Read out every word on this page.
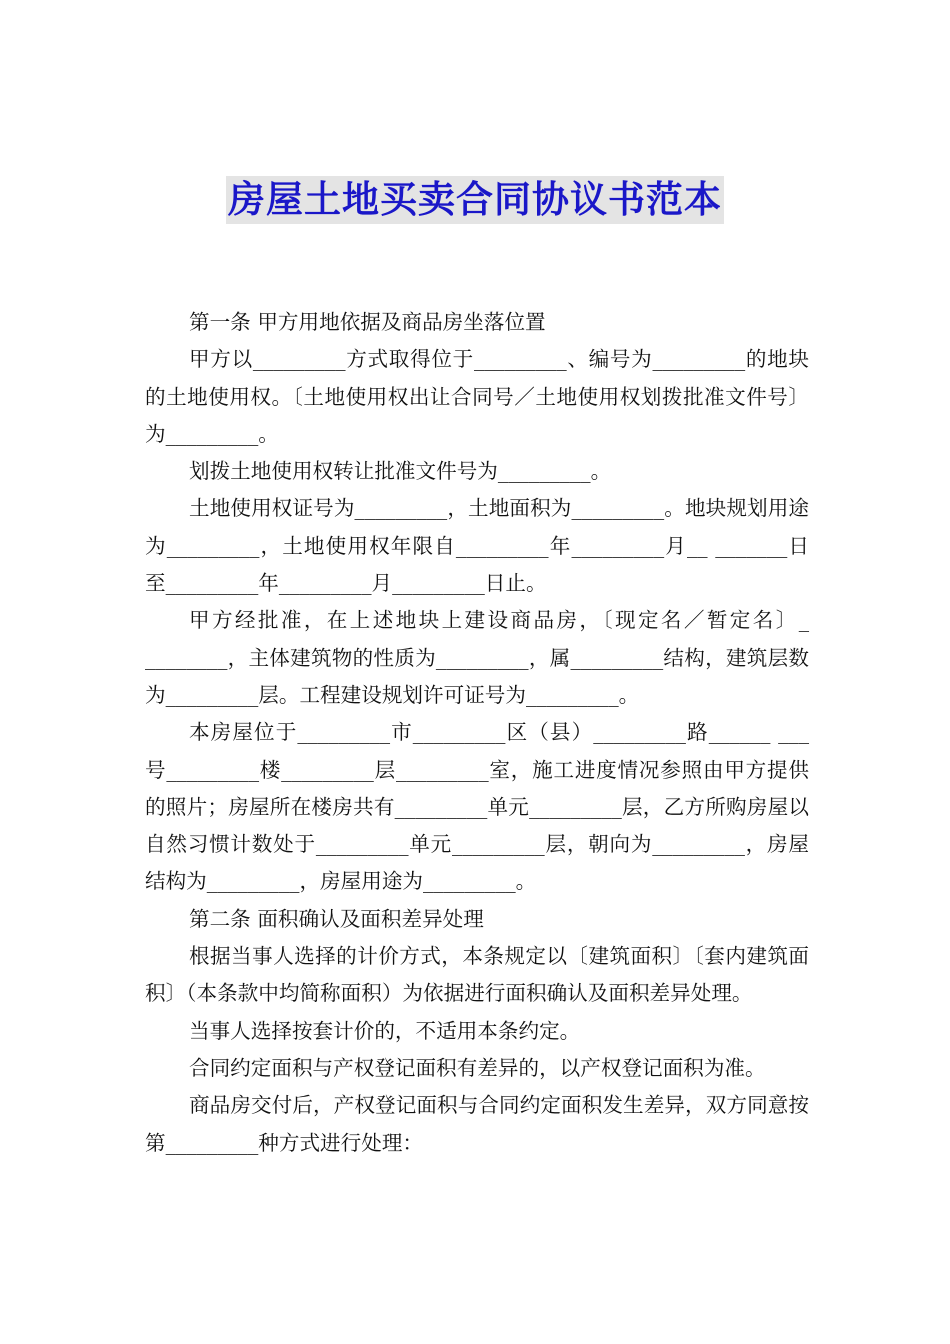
房屋土地买卖合同协议书范本

第一条 甲方用地依据及商品房坐落位置

甲方以_________方式取得位于_________、编号为_________的地块的土地使用权。〔土地使用权出让合同号／土地使用权划拨批准文件号〕为_________。

划拨土地使用权转让批准文件号为_________。

土地使用权证号为_________，土地面积为_________。地块规划用途为_________，土地使用权年限自_________年_________月__ _______日至_________年_________月_________日止。

甲方经批准，在上述地块上建设商品房，〔现定名／暂定名〕_ ________，主体建筑物的性质为_________，属_________结构，建筑层数为_________层。工程建设规划许可证号为_________。

本房屋位于_________市_________区（县）_________路______ ___号_________楼_________层_________室，施工进度情况参照由甲方提供的照片；房屋所在楼房共有_________单元_________层，乙方所购房屋以自然习惯计数处于_________单元_________层，朝向为_________，房屋结构为_________，房屋用途为_________。

第二条 面积确认及面积差异处理

根据当事人选择的计价方式，本条规定以〔建筑面积〕〔套内建筑面积〕（本条款中均简称面积）为依据进行面积确认及面积差异处理。

当事人选择按套计价的，不适用本条约定。

合同约定面积与产权登记面积有差异的，以产权登记面积为准。

商品房交付后，产权登记面积与合同约定面积发生差异，双方同意按第_________种方式进行处理：
